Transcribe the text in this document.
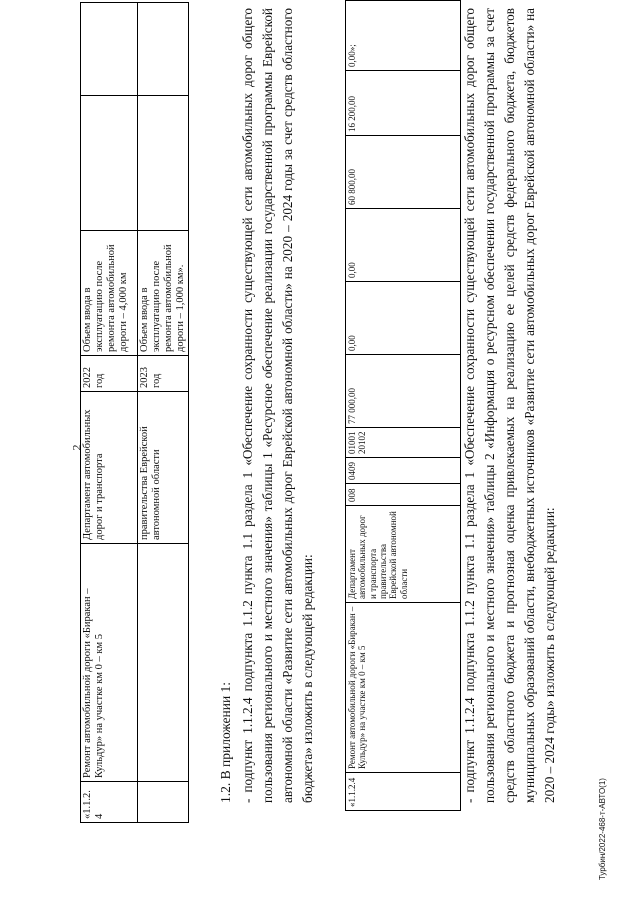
2
Турбин/2022-468-т-АВТО(1)
«1.1.2.4	Ремонт автомобильной дороги «Биракан – Кульдур» на участке км 0 – км 5	Департамент автомобильных дорог и транспорта	2022 год	Объем ввода в эксплуатацию после ремонта автомобильной дороги – 4,000 км		
		правительства Еврейской автономной области	2023 год	Объем ввода в эксплуатацию после ремонта автомобильной дороги – 1,000 км».		
1.2. В приложении 1: - подпункт 1.1.2.4 подпункта 1.1.2 пункта 1.1 раздела 1 «Обеспечение сохранности существующей сети автомобильных дорог общего пользования регионального и местного значения» таблицы 1 «Ресурсное обеспечение реализации государственной программы Еврейской автономной области «Развитие сети автомобильных дорог Еврейской автономной области» на 2020 – 2024 годы за счет средств областного бюджета» изложить в следующей редакции:	«1.1.2.4	Ремонт автомобильной дороги «Биракан – Кульдур» на участке км 0 – км 5	Департамент автомобильных дорог и транспорта правительства Еврейской автономной области	008	0409	0100120102	77 000,00	0,00	0,00	60 800,00	16 200,00	0,00»;	- подпункт 1.1.2.4 подпункта 1.1.2 пункта 1.1 раздела 1 «Обеспечение сохранности существующей сети автомобильных дорог общего пользования регионального и местного значения» таблицы 2 «Информация о ресурсном обеспечении государственной программы за счет средств областного бюджета и прогнозная оценка привлекаемых на реализацию ее целей средств федерального бюджета, бюджетов муниципальных образований области, внебюджетных источников «Развитие сети автомобильных дорог Еврейской автономной области» на 2020 – 2024 годы» изложить в следующей редакции:
